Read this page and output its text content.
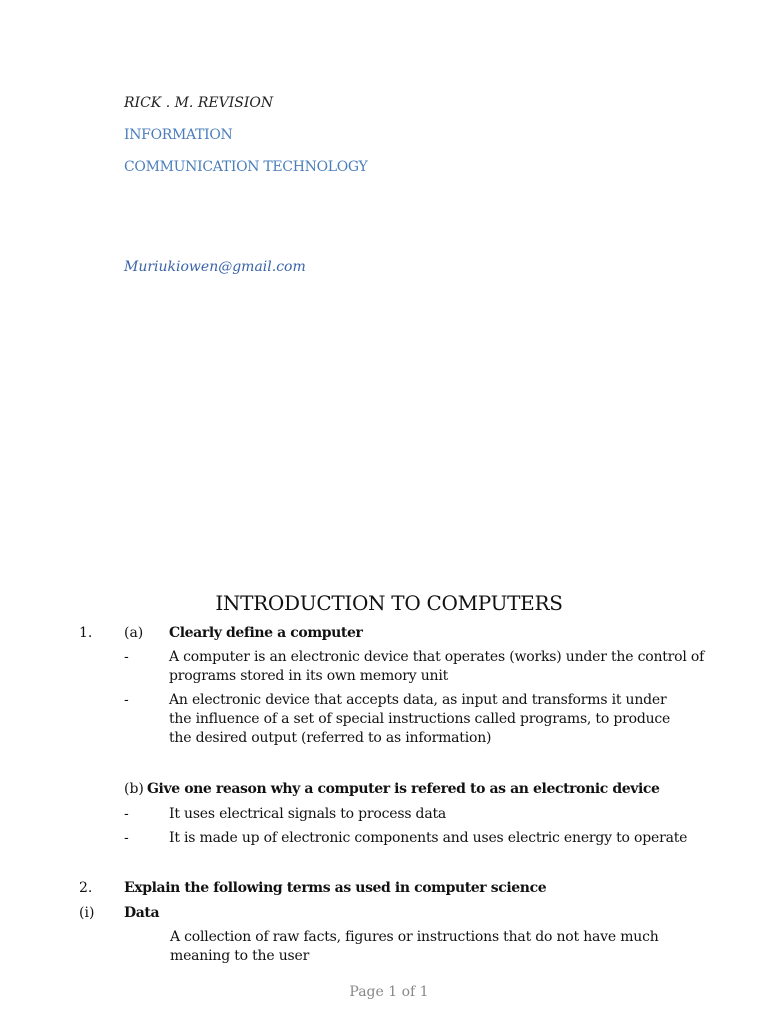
RICK . M. REVISION
INFORMATION
COMMUNICATION TECHNOLOGY
Muriukiowen@gmail.com
INTRODUCTION TO COMPUTERS
1. (a) Clearly define a computer
-	A computer is an electronic device that operates (works) under the control of programs stored in its own memory unit
-	An electronic device that accepts data, as input and transforms it under the influence of a set of special instructions called programs, to produce the desired output (referred to as information)
(b) Give one reason why a computer is refered to as an electronic device
-	It uses electrical signals to process data
-	It is made up of electronic components and uses electric energy to operate
2. Explain the following terms as used in computer science
(i) Data
A collection of raw facts, figures or instructions that do not have much meaning to the user
Page 1 of 1
